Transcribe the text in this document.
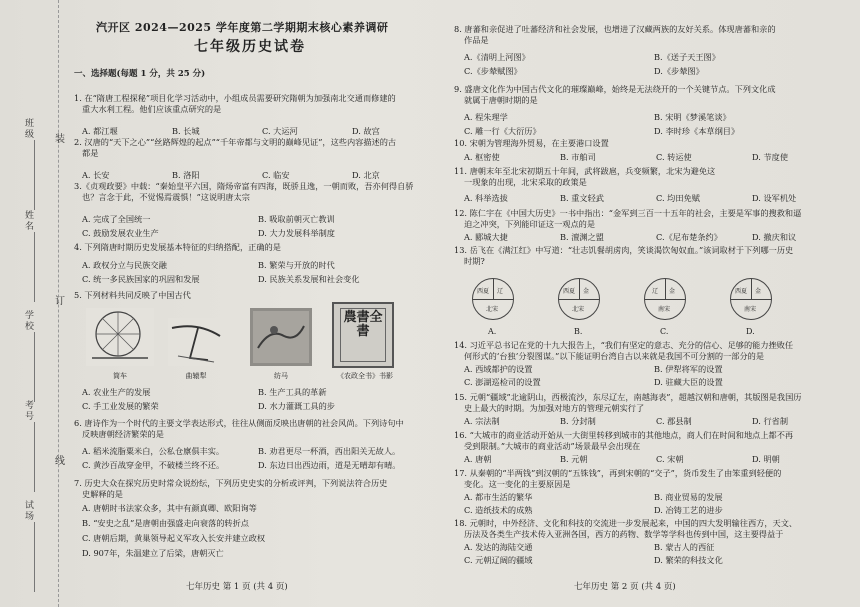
班级
姓名
学校
考号
试场
装
订
线
汽开区 2024—2025 学年度第二学期期末核心素养调研
七年级历史试卷
一、选择题(每题 1 分，共 25 分)
1. 在“隋唐工程探秘”项目化学习活动中，小组成员需要研究隋朝为加强南北交通而修建的
重大水利工程。他们应该重点研究的是
A. 都江堰	B. 长城	C. 大运河	D. 故宫
2. 汉唐的“天下之心”“丝路辉煌的起点”“千年帝都与文明的巅峰见证”，这些内容描述的古
都是
A. 长安	B. 洛阳	C. 临安	D. 北京
3.《贞观政要》中载：“秦始皇平六国，隋炀帝富有四海，既骄且逸，一朝而败，吾亦何得自骄
也？言念于此，不觉惕焉震惧！”这说明唐太宗
A. 完成了全国统一	B. 吸取前朝灭亡教训
C. 鼓励发展农业生产	D. 大力发展科举制度
4. 下列隋唐时期历史发展基本特征的归纳搭配，正确的是
A. 政权分立与民族交融	B. 繁荣与开放的时代
C. 统一多民族国家的巩固和发展	D. 民族关系发展和社会变化
5. 下列材料共同反映了中国古代
筒车	曲辕犁	纺马
農書全書
《农政全书》书影
A. 农业生产的发展	B. 生产工具的革新
C. 手工业发展的繁荣	D. 水力灌溉工具的步
6. 唐诗作为一个时代的主要文学表达形式，往往从侧面反映出唐朝的社会风尚。下列诗句中
反映唐朝经济繁荣的是
A. 稻米流脂粟米白，公私仓廪俱丰实。	B. 劝君更尽一杯酒，西出阳关无故人。
C. 黄沙百战穿金甲，不破楼兰终不还。	D. 东边日出西边雨，道是无晴却有晴。
7. 历史大众在探究历史时常众说纷纭，下列历史史实的分析或评判，下列说法符合历史
史解释的是
A. 唐朝时书法家众多，其中有颜真卿、欧阳询等
B. “安史之乱”是唐朝由强盛走向衰落的转折点
C. 唐朝后期，黄巢领导起义军攻入长安并建立政权
D. 907年，朱温建立了后梁，唐朝灭亡
七年历史 第 1 页 (共 4 页)
8. 唐蕃和亲促进了吐蕃经济和社会发展，也增进了汉藏两族的友好关系。体现唐蕃和亲的
作品是
A.《清明上河图》	B.《送子天王图》
C.《步辇赋图》	D.《步辇图》
9. 盛唐文化作为中国古代文化的璀璨巅峰，始终是无法绕开的一个关键节点。下列文化成
就属于唐朝时期的是
A. 程朱理学	B. 宋明《梦溪笔谈》
C. 雕一行《大衍历》	D. 李时珍《本草纲目》
10. 宋朝为管理海外贸易，在主要港口设置
A. 枢密使	B. 市舶司	C. 转运使	D. 节度使
11. 唐朝末年至北宋初期五十年间，武将跋扈，兵变频繁，北宋为避免这
一现象的出现，北宋采取的政策是
A. 科举选拔	B. 重文轻武	C. 均田免赋	D. 设军机处
12. 陈仁宇在《中国大历史》一书中指出：“金军到三百一十五年的社会，主要是军事的搜救和逼
迫之冲突，下列能印证这一观点的是
A. 郾城大捷	B. 澶渊之盟	C.《尼布楚条约》	D. 撤庆和议
13. 岳飞在《满江红》中写道：“壮志饥餐胡虏肉，笑谈渴饮匈奴血。”该词取材于下列哪一历史
时期?
西夏 辽
北宋
A.
西夏 金
北宋
B.
辽 金
南宋
C.
西夏 金
南宋
D.
14. 习近平总书记在党的十九大报告上，“我们有坚定的意志、充分的信心、足够的能力挫败任
何形式的‘台独’分裂图谋。”以下能证明台湾自古以来就是我国不可分割的一部分的是
A. 西域都护的设置	B. 伊犁将军的设置
C. 澎湖巡检司的设置	D. 驻藏大臣的设置
15. 元朝“疆域”北逾阴山，西极流沙，东尽辽左，南越海表”，超越汉朝和唐朝，其版图是我国历
史上最大的时期。为加强对地方的管理元朝实行了
A. 宗法制	B. 分封制	C. 郡县制	D. 行省制
16. “大城市的商业活动开始从一大街里转移到城市的其他地点，商人们在时间和地点上都不再
受到限制。”大城市的商业活动”场景最早会出现在
A. 唐朝	B. 元朝	C. 宋朝	D. 明朝
17. 从秦朝的“半两钱”到汉朝的“五铢钱”，再到宋朝的“交子”，货币发生了由笨重到轻便的
变化。这一变化的主要原因是
A. 都市生活的繁华	B. 商业贸易的发展
C. 造纸技术的成熟	D. 冶铸工艺的进步
18. 元朝时，中外经济、文化和科技的交流进一步发展起来，中国的四大发明输往西方，天文、
历法及各类生产技术传入亚洲各国，西方的药物、数学等学科也传到中国，这主要得益于
A. 发达的海陆交通	B. 蒙古人的西征
C. 元朝辽阔的疆域	D. 繁荣的科技文化
七年历史 第 2 页 (共 4 页)
